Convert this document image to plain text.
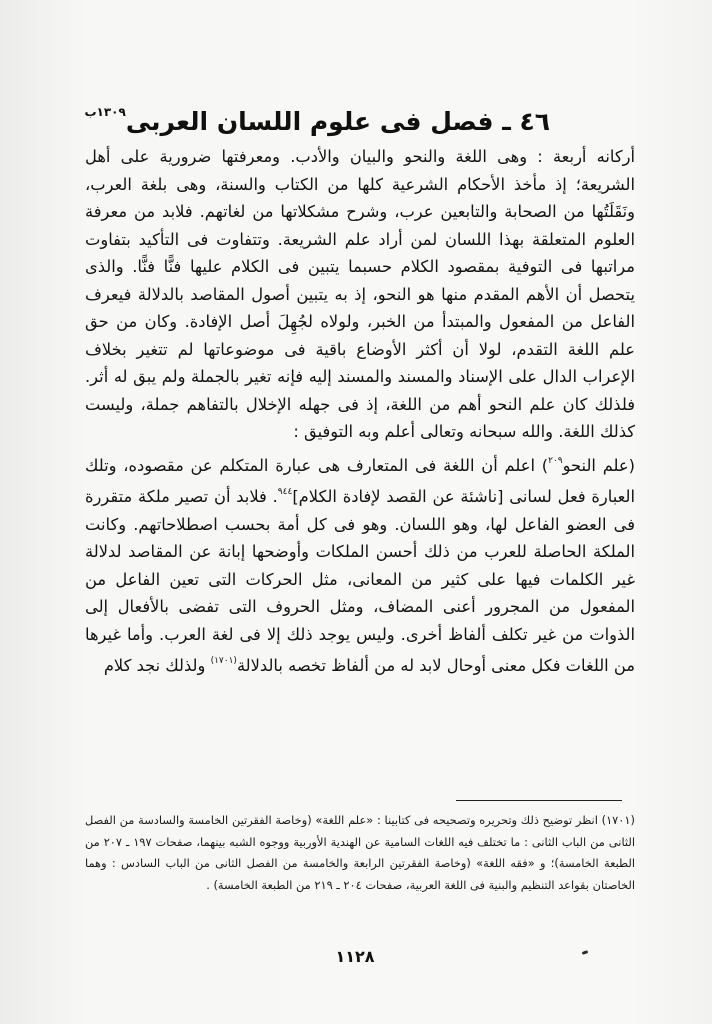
٤٦ ـ فصل فى علوم اللسان العربى$^{١٣٠٩ب}$

أركانه أربعة : وهى اللغة والنحو والبيان والأدب. ومعرفتها ضرورية على أهل الشريعة؛ إذ مأخذ الأحكام الشرعية كلها من الكتاب والسنة، وهى بلغة العرب، ونَقَلَتُها من الصحابة والتابعين عرب، وشرح مشكلاتها من لغاتهم. فلابد من معرفة العلوم المتعلقة بهذا اللسان لمن أراد علم الشريعة. وتتفاوت فى التأكيد بتفاوت مراتبها فى التوفية بمقصود الكلام حسبما يتبين فى الكلام عليها فنًّا فنًّا. والذى يتحصل أن الأهم المقدم منها هو النحو، إذ به يتبين أصول المقاصد بالدلالة فيعرف الفاعل من المفعول والمبتدأ من الخبر، ولولاه لجُهِلَ أصل الإفادة. وكان من حق علم اللغة التقدم، لولا أن أكثر الأوضاع باقية فى موضوعاتها لم تتغير بخلاف الإعراب الدال على الإسناد والمسند والمسند إليه فإنه تغير بالجملة ولم يبق له أثر. فلذلك كان علم النحو أهم من اللغة، إذ فى جهله الإخلال بالتفاهم جملة، وليست كذلك اللغة. والله سبحانه وتعالى أعلم وبه التوفيق :

(علم النحو$^{٢٠٩}$) اعلم أن اللغة فى المتعارف هى عبارة المتكلم عن مقصوده، وتلك العبارة فعل لسانى [ناشئة عن القصد لإفادة الكلام]$^{٩٤٤}$. فلابد أن تصير ملكة متقررة فى العضو الفاعل لها، وهو اللسان. وهو فى كل أمة بحسب اصطلاحاتهم. وكانت الملكة الحاصلة للعرب من ذلك أحسن الملكات وأوضحها إبانة عن المقاصد لدلالة غير الكلمات فيها على كثير من المعانى، مثل الحركات التى تعين الفاعل من المفعول من المجرور أعنى المضاف، ومثل الحروف التى تفضى بالأفعال إلى الذوات من غير تكلف ألفاظ أخرى. وليس يوجد ذلك إلا فى لغة العرب. وأما غيرها من اللغات فكل معنى أوحال لابد له من ألفاظ تخصه بالدلالة$^{(١٧٠١)}$ ولذلك نجد كلام

(١٧٠١) انظر توضيح ذلك وتحريره وتصحيحه فى كتابينا : «علم اللغة» (وخاصة الفقرتين الخامسة والسادسة من الفصل الثانى من الباب الثانى : ما تختلف فيه اللغات السامية عن الهندية الأوربية ووجوه الشبه بينهما، صفحات ١٩٧ ـ ٢٠٧ من الطبعة الخامسة)؛ و «فقه اللغة» (وخاصة الفقرتين الرابعة والخامسة من الفصل الثانى من الباب السادس : وهما الخاصتان بقواعد التنظيم والبنية فى اللغة العربية، صفحات ٢٠٤ ـ ٢١٩ من الطبعة الخامسة) .
١١٢٨
